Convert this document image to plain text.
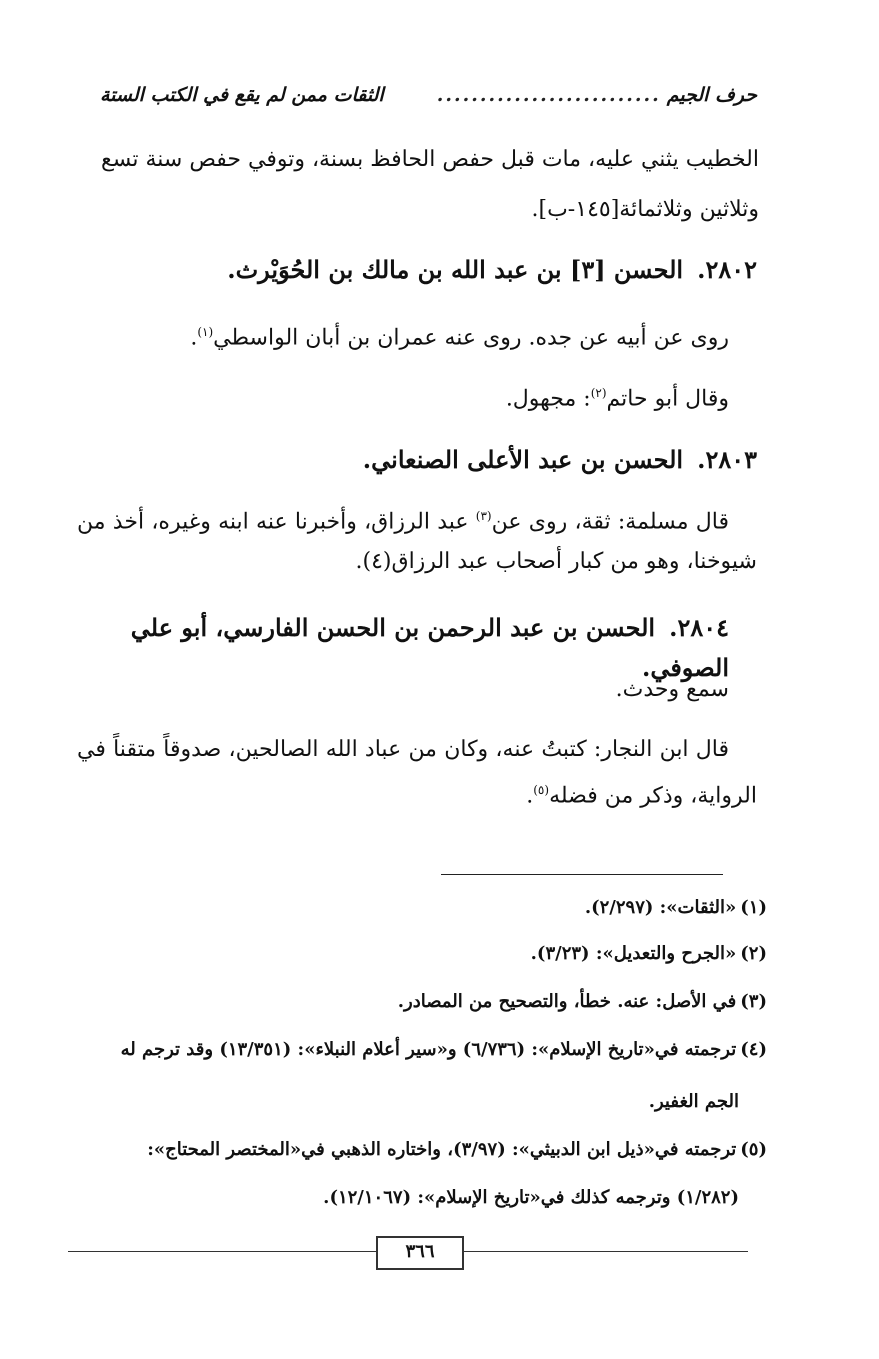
حرف الجيم
..........................
الثقات ممن لم يقع في الكتب الستة
الخطيب يثني عليه، مات قبل حفص الحافظ بسنة، وتوفي حفص سنة تسع
وثلاثين وثلاثمائة[١٤٥-ب].
٢٨٠٢.الحسن [٣] بن عبد الله بن مالك بن الحُوَيْرث.
روى عن أبيه عن جده. روى عنه عمران بن أبان الواسطي$^{(١)}$.
وقال أبو حاتم$^{(٢)}$: مجهول.
٢٨٠٣.الحسن بن عبد الأعلى الصنعاني.
قال مسلمة: ثقة، روى عن$^{(٣)}$ عبد الرزاق، وأخبرنا عنه ابنه وغيره، أخذ من شيوخنا، وهو من كبار أصحاب عبد الرزاق(٤).
٢٨٠٤.الحسن بن عبد الرحمن بن الحسن الفارسي، أبو علي الصوفي.
سمع وحدث.
قال ابن النجار: كتبتُ عنه، وكان من عباد الله الصالحين، صدوقاً متقناً في الرواية، وذكر من فضله$^{(٥)}$.
(١)«الثقات»: (٢/٢٩٧).
(٢)«الجرح والتعديل»: (٣/٢٣).
(٣)في الأصل: عنه. خطأ، والتصحيح من المصادر.
(٤)ترجمته في«تاريخ الإسلام»: (٦/٧٣٦) و«سير أعلام النبلاء»: (١٣/٣٥١) وقد ترجم له
الجم الغفير.
(٥)ترجمته في«ذيل ابن الدبيثي»: (٣/٩٧)، واختاره الذهبي في«المختصر المحتاج»:
(١/٢٨٢) وترجمه كذلك في«تاريخ الإسلام»: (١٢/١٠٦٧).
٣٦٦
